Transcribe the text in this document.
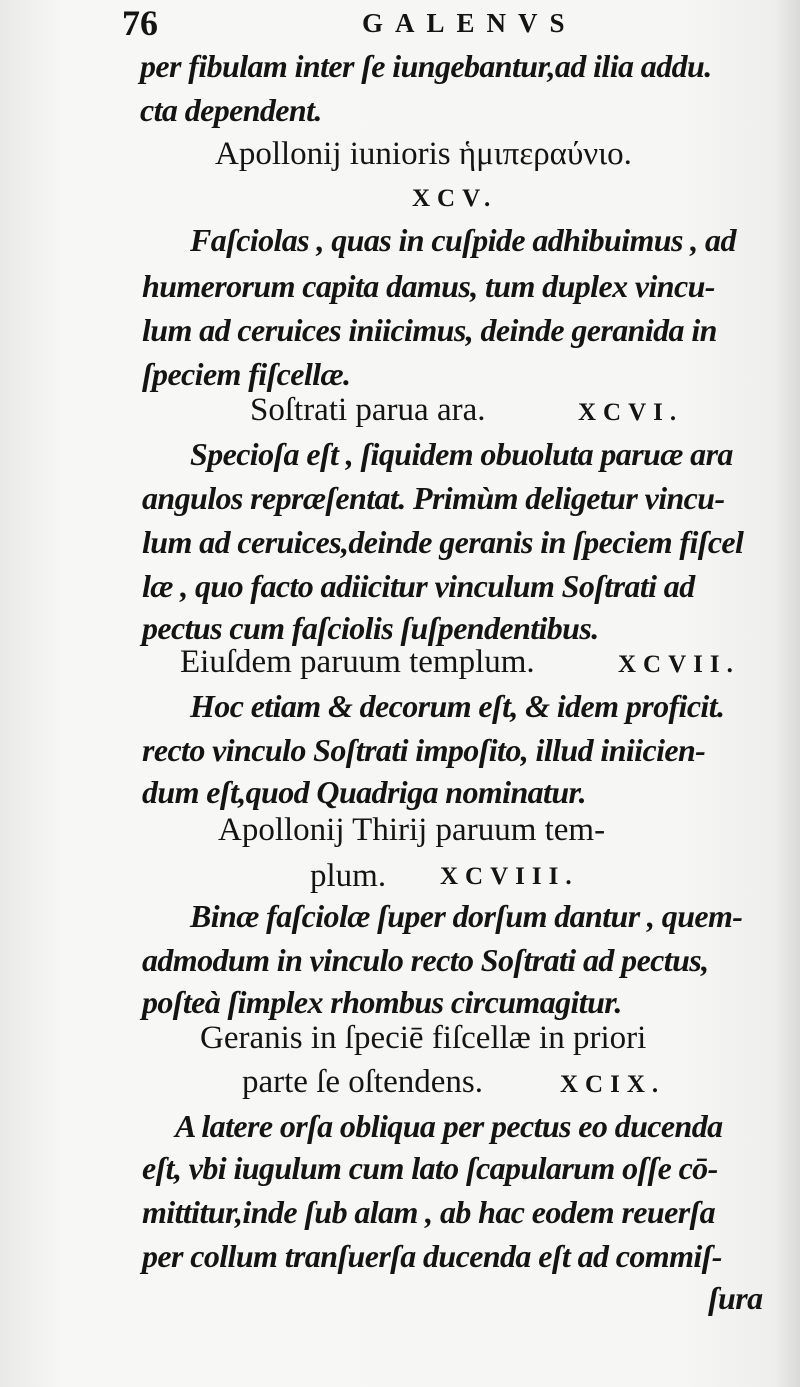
76	GALENVS
per fibulam inter ſe iungebantur,ad ilia addu.
cta dependent.
Apollonij iunioris ἡμιπεραύνιο.
XCV.
Faſciolas , quas in cuſpide adhibuimus , ad
humerorum capita damus, tum duplex vincu-
lum ad ceruices iniicimus, deinde geranida in
ſpeciem fiſcellæ.
Soſtrati parua ara.	XCVI.
Specioſa eſt , ſiquidem obuoluta paruæ ara
angulos repræſentat. Primùm deligetur vincu-
lum ad ceruices,deinde geranis in ſpeciem fiſcel
læ , quo facto adiicitur vinculum Soſtrati ad
pectus cum faſciolis ſuſpendentibus.
Eiuſdem paruum templum.	XCVII.
Hoc etiam & decorum eſt, & idem proficit.
recto vinculo Soſtrati impoſito, illud iniicien-
dum eſt,quod Quadriga nominatur.
Apollonij Thirij paruum tem-
plum. XCVIII.
Binæ faſciolæ ſuper dorſum dantur , quem-
admodum in vinculo recto Soſtrati ad pectus,
poſteà ſimplex rhombus circumagitur.
Geranis in ſpeciē fiſcellæ in priori
parte ſe oſtendens.	XCIX.
A latere orſa obliqua per pectus eo ducenda
eſt, vbi iugulum cum lato ſcapularum oſſe cō-
mittitur,inde ſub alam , ab hac eodem reuerſa
per collum tranſuerſa ducenda eſt ad commiſ-
ſura
